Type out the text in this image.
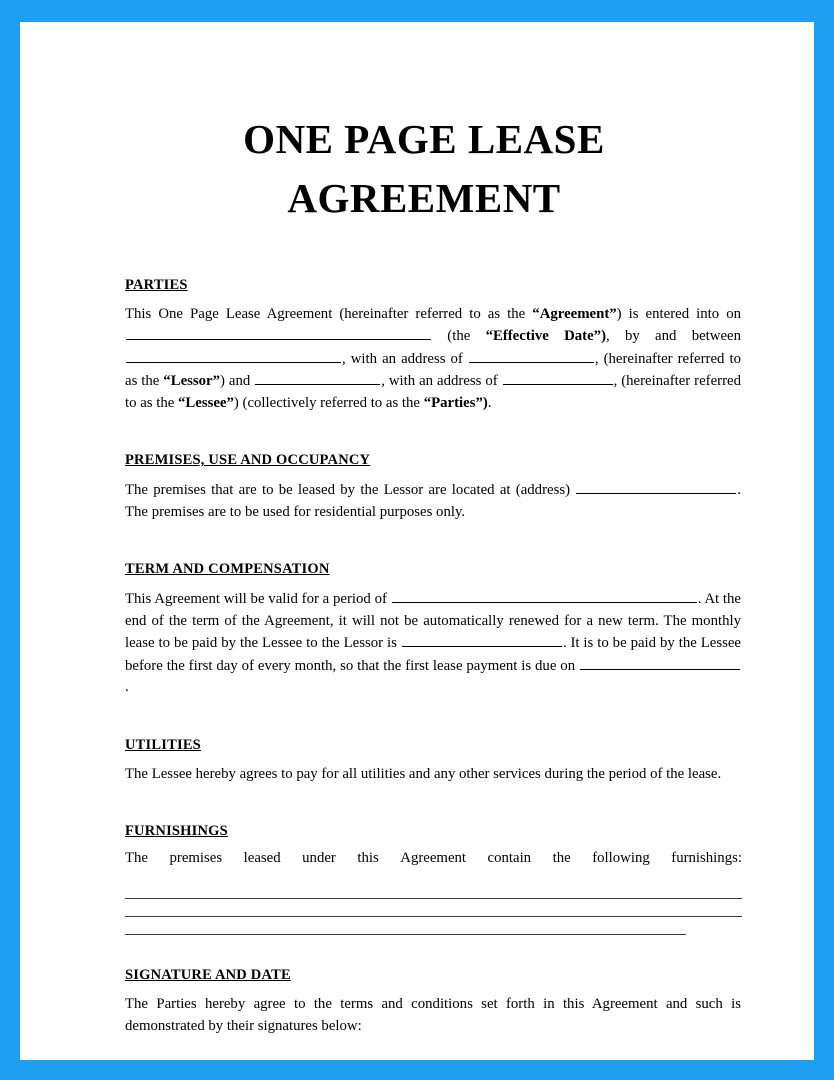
ONE PAGE LEASE AGREEMENT
PARTIES
This One Page Lease Agreement (hereinafter referred to as the “Agreement”) is entered into on  (the “Effective Date”), by and between , with an address of	, (hereinafter referred to as the “Lessor”) and	, with an address of	, (hereinafter referred to as the “Lessee”) (collectively referred to as the “Parties”).
PREMISES, USE AND OCCUPANCY
The premises that are to be leased by the Lessor are located at (address)	. The premises are to be used for residential purposes only.
TERM AND COMPENSATION
This Agreement will be valid for a period of	. At the end of the term of the Agreement, it will not be automatically renewed for a new term. The monthly lease to be paid by the Lessee to the Lessor is	. It is to be paid by the Lessee before the first day of every month, so that the first lease payment is due on .
UTILITIES
The Lessee hereby agrees to pay for all utilities and any other services during the period of the lease.
FURNISHINGS
The premises leased under this Agreement contain the following furnishings:
SIGNATURE AND DATE
The Parties hereby agree to the terms and conditions set forth in this Agreement and such is demonstrated by their signatures below:
